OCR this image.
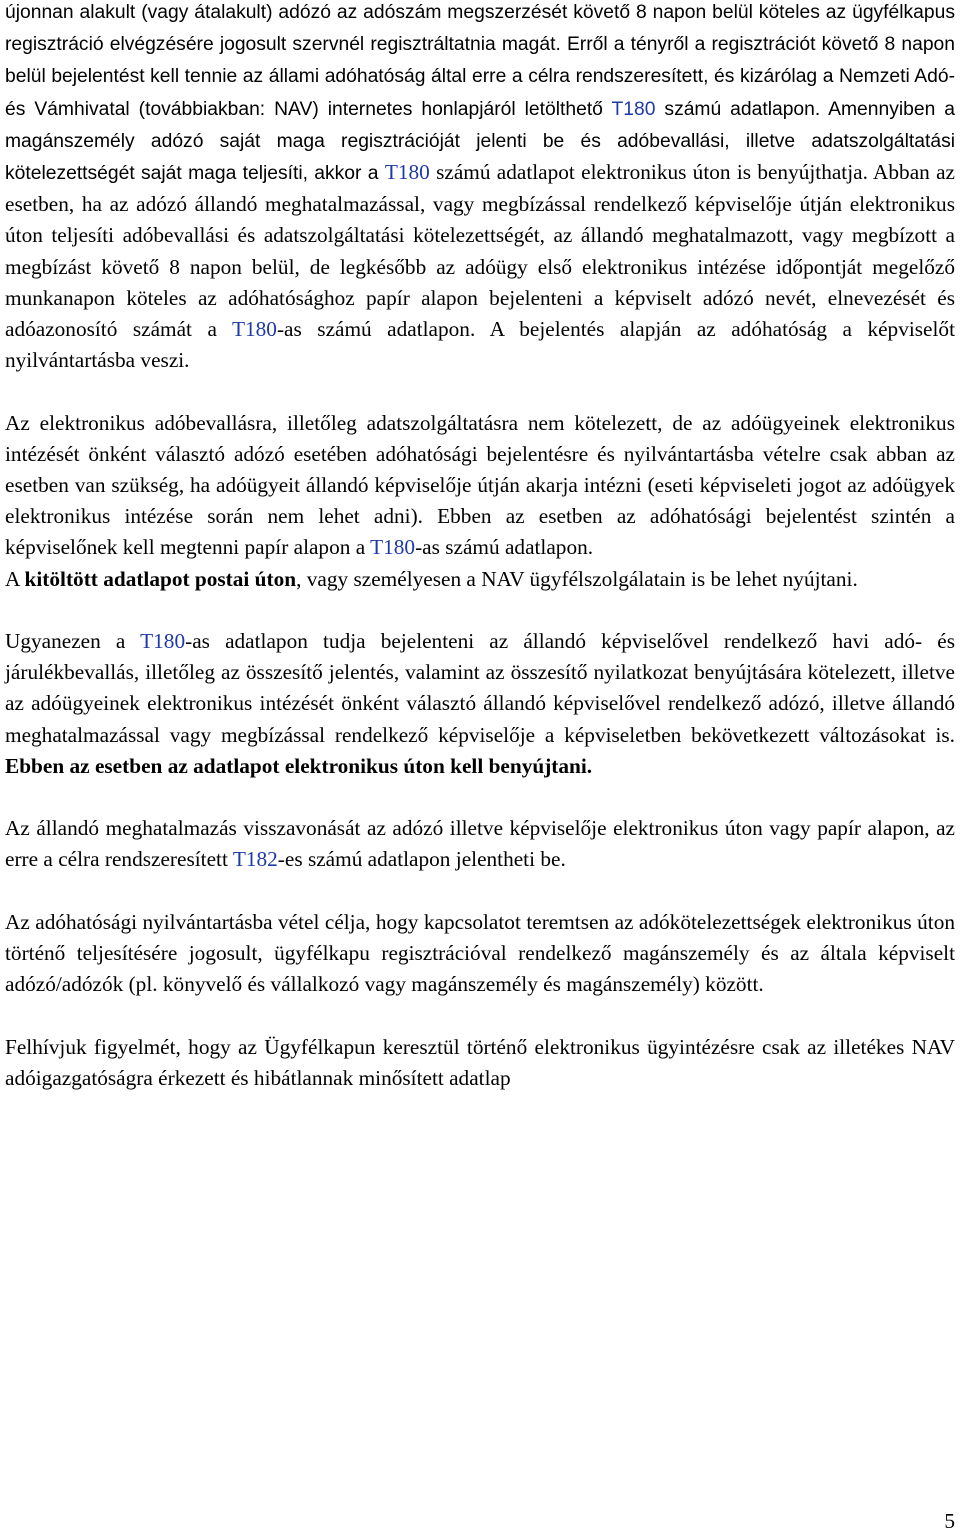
újonnan alakult (vagy átalakult) adózó az adószám megszerzését követő 8 napon belül köteles az ügyfélkapus regisztráció elvégzésére jogosult szervnél regisztráltatnia magát. Erről a tényről a regisztrációt követő 8 napon belül bejelentést kell tennie az állami adóhatóság által erre a célra rendszeresített, és kizárólag a Nemzeti Adó-és Vámhivatal (továbbiakban: NAV) internetes honlapjáról letölthető T180 számú adatlapon. Amennyiben a magánszemély adózó saját maga regisztrációját jelenti be és adóbevallási, illetve adatszolgáltatási kötelezettségét saját maga teljesíti, akkor a T180 számú adatlapot elektronikus úton is benyújthatja. Abban az esetben, ha az adózó állandó meghatalmazással, vagy megbízással rendelkező képviselője útján elektronikus úton teljesíti adóbevallási és adatszolgáltatási kötelezettségét, az állandó meghatalmazott, vagy megbízott a megbízást követő 8 napon belül, de legkésőbb az adóügy első elektronikus intézése időpontját megelőző munkanapon köteles az adóhatósághoz papír alapon bejelenteni a képviselt adózó nevét, elnevezését és adóazonosító számát a T180-as számú adatlapon. A bejelentés alapján az adóhatóság a képviselőt nyilvántartásba veszi.

Az elektronikus adóbevallásra, illetőleg adatszolgáltatásra nem kötelezett, de az adóügyeinek elektronikus intézését önként választó adózó esetében adóhatósági bejelentésre és nyilvántartásba vételre csak abban az esetben van szükség, ha adóügyeit állandó képviselője útján akarja intézni (eseti képviseleti jogot az adóügyek elektronikus intézése során nem lehet adni). Ebben az esetben az adóhatósági bejelentést szintén a képviselőnek kell megtenni papír alapon a T180-as számú adatlapon.

A kitöltött adatlapot postai úton, vagy személyesen a NAV ügyfélszolgálatain is be lehet nyújtani.

Ugyanezen a T180-as adatlapon tudja bejelenteni az állandó képviselővel rendelkező havi adó- és járulékbevallás, illetőleg az összesítő jelentés, valamint az összesítő nyilatkozat benyújtására kötelezett, illetve az adóügyeinek elektronikus intézését önként választó állandó képviselővel rendelkező adózó, illetve állandó meghatalmazással vagy megbízással rendelkező képviselője a képviseletben bekövetkezett változásokat is. Ebben az esetben az adatlapot elektronikus úton kell benyújtani.

Az állandó meghatalmazás visszavonását az adózó illetve képviselője elektronikus úton vagy papír alapon, az erre a célra rendszeresített T182-es számú adatlapon jelentheti be.

Az adóhatósági nyilvántartásba vétel célja, hogy kapcsolatot teremtsen az adókötelezettségek elektronikus úton történő teljesítésére jogosult, ügyfélkapu regisztrációval rendelkező magánszemély és az általa képviselt adózó/adózók (pl. könyvelő és vállalkozó vagy magánszemély és magánszemély) között.

Felhívjuk figyelmét, hogy az Ügyfélkapun keresztül történő elektronikus ügyintézésre csak az illetékes NAV adóigazgatóságra érkezett és hibátlannak minősített adatlap

5
